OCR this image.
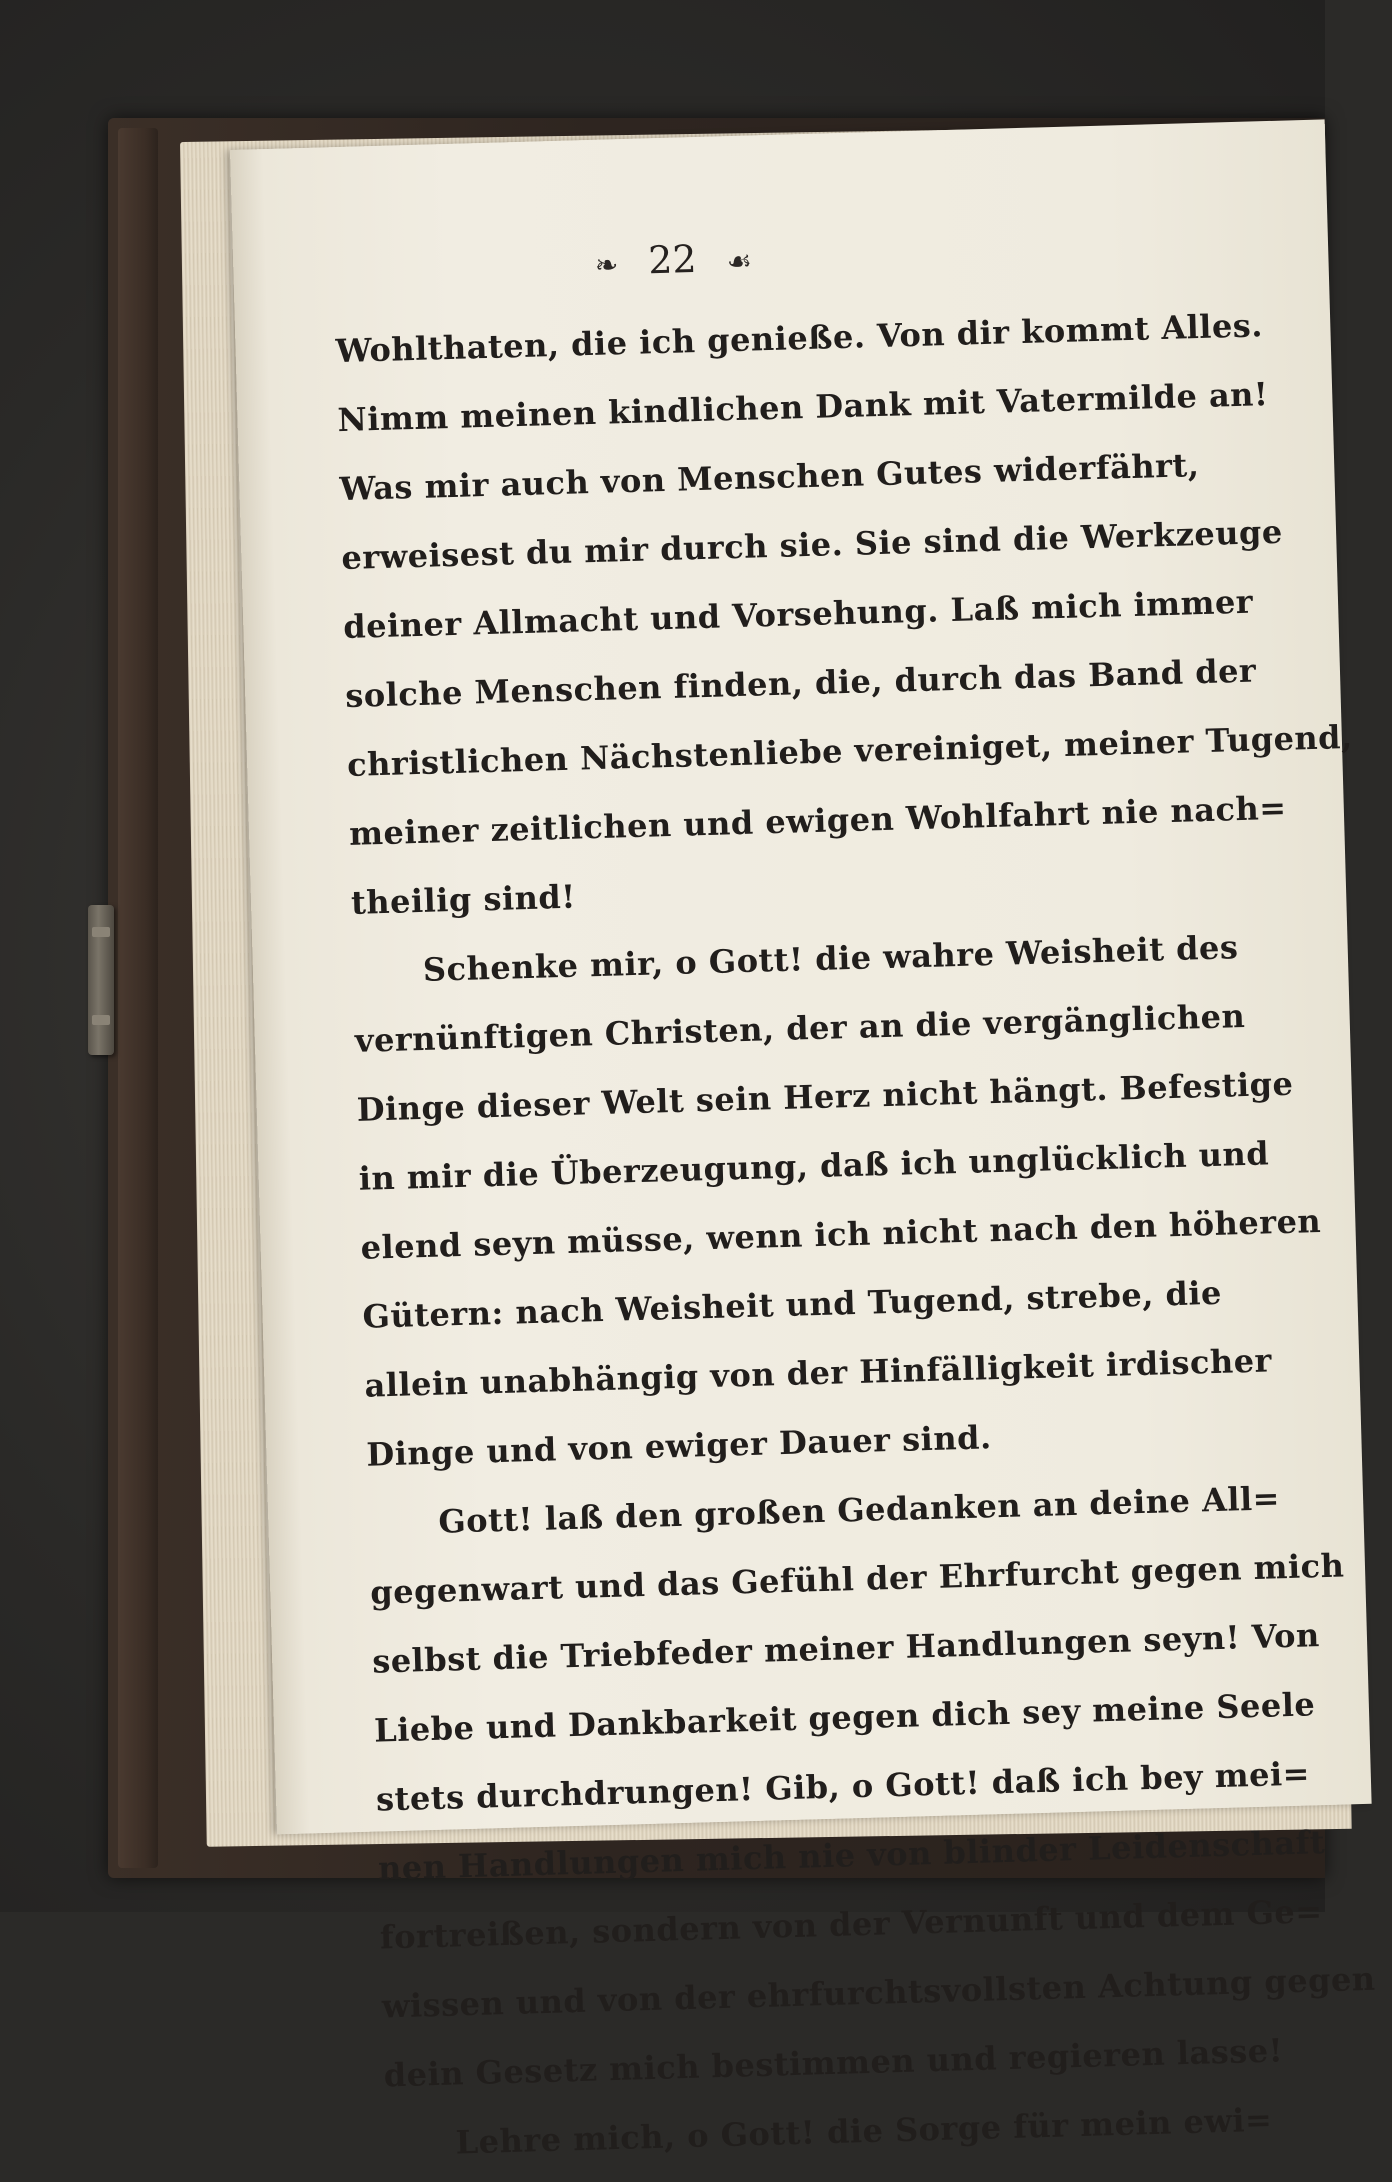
❧ 22 ☙
Wohlthaten, die ich genieße. Von dir kommt Alles.
Nimm meinen kindlichen Dank mit Vatermilde an!
Was mir auch von Menschen Gutes widerfährt,
erweisest du mir durch sie. Sie sind die Werkzeuge
deiner Allmacht und Vorsehung. Laß mich immer
solche Menschen finden, die, durch das Band der
christlichen Nächstenliebe vereiniget, meiner Tugend,
meiner zeitlichen und ewigen Wohlfahrt nie nach=
theilig sind!
Schenke mir, o Gott! die wahre Weisheit des
vernünftigen Christen, der an die vergänglichen
Dinge dieser Welt sein Herz nicht hängt. Befestige
in mir die Überzeugung, daß ich unglücklich und
elend seyn müsse, wenn ich nicht nach den höheren
Gütern: nach Weisheit und Tugend, strebe, die
allein unabhängig von der Hinfälligkeit irdischer
Dinge und von ewiger Dauer sind.
Gott! laß den großen Gedanken an deine All=
gegenwart und das Gefühl der Ehrfurcht gegen mich
selbst die Triebfeder meiner Handlungen seyn! Von
Liebe und Dankbarkeit gegen dich sey meine Seele
stets durchdrungen! Gib, o Gott! daß ich bey mei=
nen Handlungen mich nie von blinder Leidenschaft
fortreißen, sondern von der Vernunft und dem Ge=
wissen und von der ehrfurchtsvollsten Achtung gegen
dein Gesetz mich bestimmen und regieren lasse!
Lehre mich, o Gott! die Sorge für mein ewi=
